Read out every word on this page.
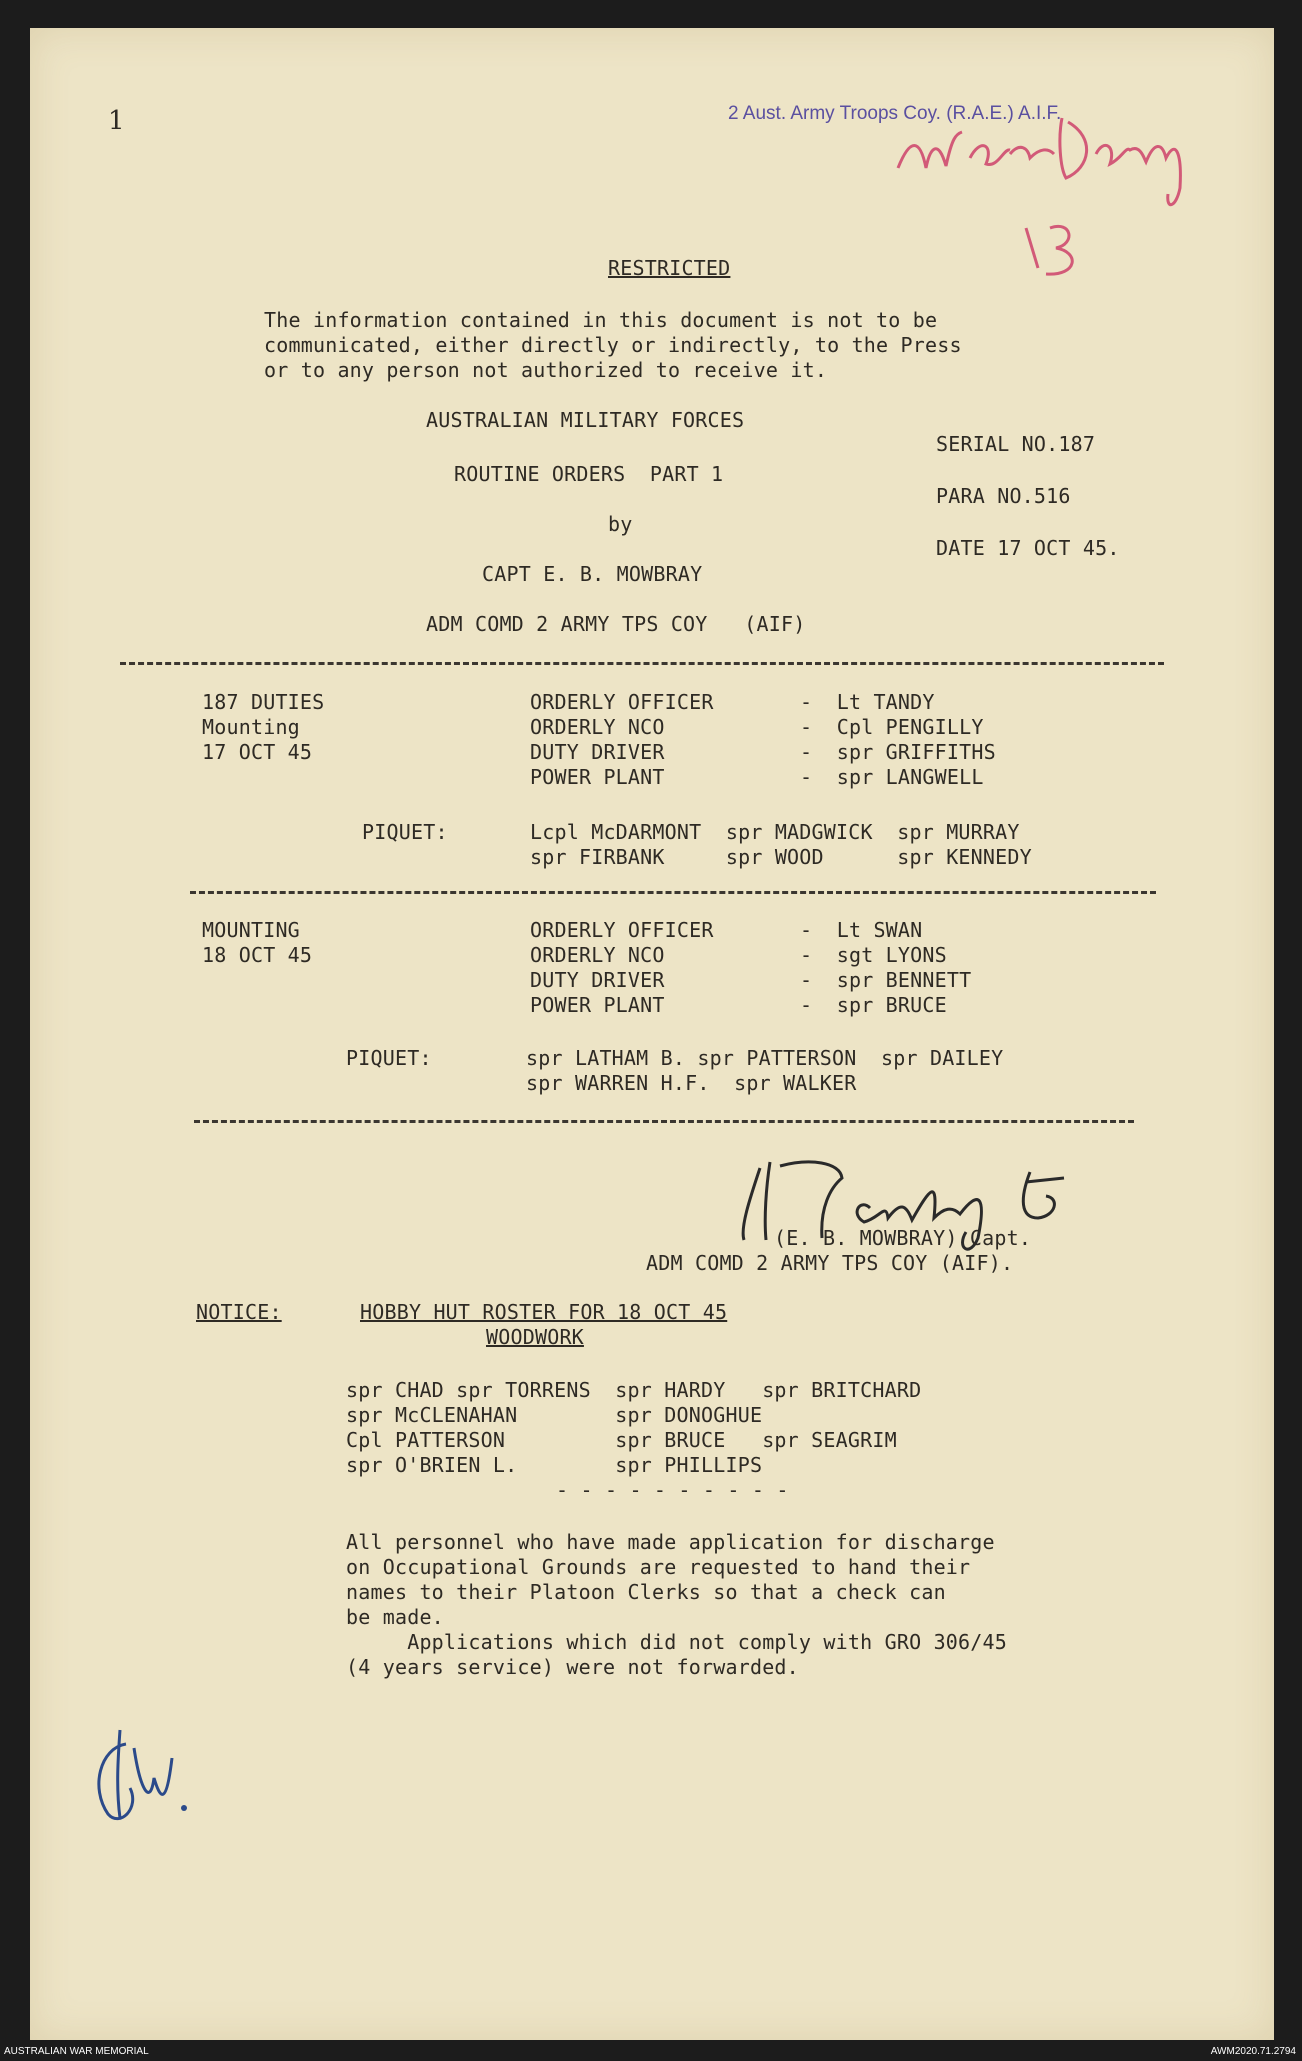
1	2 Aust. Army Troops Coy. (R.A.E.) A.I.F.

RESTRICTED

The information contained in this document is not to be

communicated, either directly or indirectly, to the Press

or to any person not authorized to receive it.

AUSTRALIAN MILITARY FORCES

ROUTINE ORDERS  PART 1

by

CAPT E. B. MOWBRAY

ADM COMD 2 ARMY TPS COY   (AIF)

SERIAL NO.187

PARA NO.516

DATE 17 OCT 45.

187 DUTIES

Mounting

17 OCT 45

ORDERLY OFFICER	-  Lt TANDY

ORDERLY NCO	-  Cpl PENGILLY

DUTY DRIVER	-  spr GRIFFITHS

POWER PLANT	-  spr LANGWELL

PIQUET:	Lcpl McDARMONT  spr MADGWICK  spr MURRAY

spr FIRBANK     spr WOOD      spr KENNEDY

MOUNTING

18 OCT 45

ORDERLY OFFICER	-  Lt SWAN

ORDERLY NCO	-  sgt LYONS

DUTY DRIVER	-  spr BENNETT

POWER PLANT	-  spr BRUCE

PIQUET:	spr LATHAM B. spr PATTERSON  spr DAILEY

spr WARREN H.F.  spr WALKER

(E. B. MOWBRAY) Capt.

ADM COMD 2 ARMY TPS COY (AIF).

NOTICE:	HOBBY HUT ROSTER FOR 18 OCT 45

WOODWORK

spr CHAD spr TORRENS  spr HARDY   spr BRITCHARD

spr McCLENAHAN        spr DONOGHUE

Cpl PATTERSON         spr BRUCE   spr SEAGRIM

spr O'BRIEN L.        spr PHILLIPS

- - - - - - - - - -

All personnel who have made application for discharge

on Occupational Grounds are requested to hand their

names to their Platoon Clerks so that a check can

be made.

Applications which did not comply with GRO 306/45

(4 years service) were not forwarded.

AUSTRALIAN WAR MEMORIAL	AWM2020.71.2794
